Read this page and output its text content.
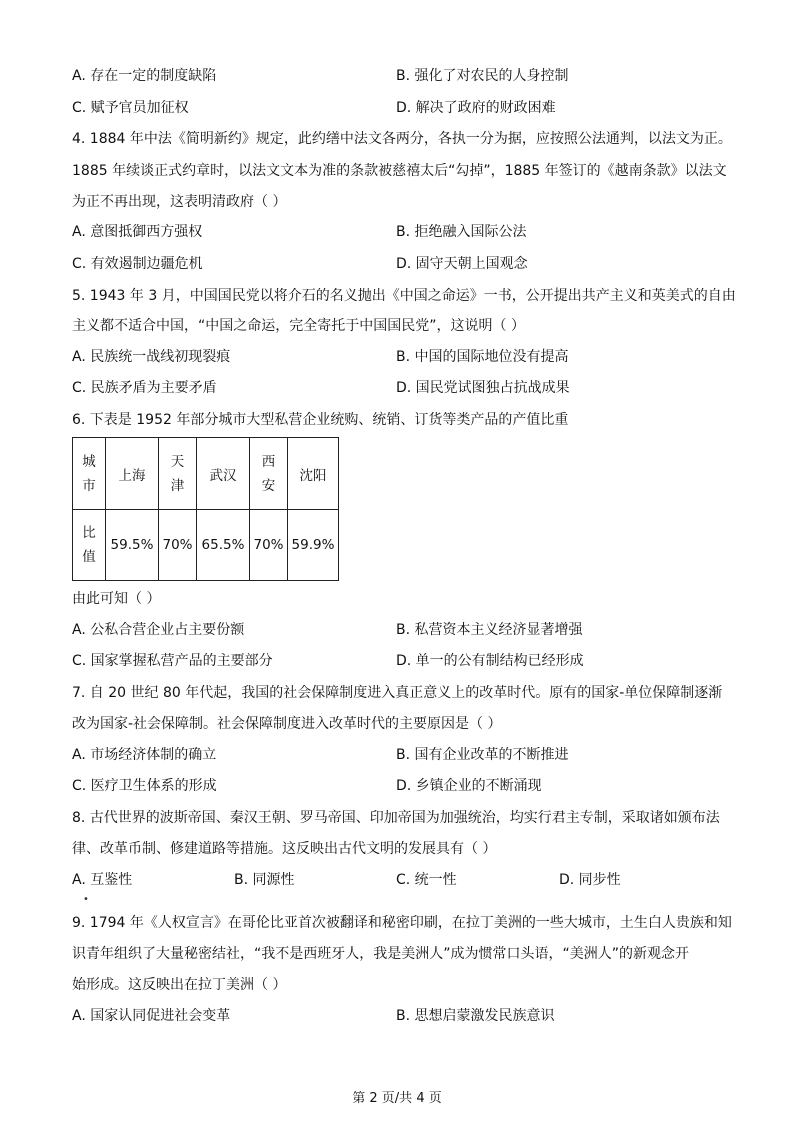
A. 存在一定的制度缺陷	B. 强化了对农民的人身控制
C. 赋予官员加征权	D. 解决了政府的财政困难
4. 1884 年中法《简明新约》规定，此约缮中法文各两分，各执一分为据，应按照公法通判，以法文为正。
1885 年续谈正式约章时，以法文文本为准的条款被慈禧太后“勾掉”，1885 年签订的《越南条款》以法文
为正不再出现，这表明清政府（ ）
A. 意图抵御西方强权	B. 拒绝融入国际公法
C. 有效遏制边疆危机	D. 固守天朝上国观念
5. 1943 年 3 月，中国国民党以将介石的名义抛出《中国之命运》一书，公开提出共产主义和英美式的自由
主义都不适合中国，“中国之命运，完全寄托于中国国民党”，这说明（ ）
A. 民族统一战线初现裂痕	B. 中国的国际地位没有提高
C. 民族矛盾为主要矛盾	D. 国民党试图独占抗战成果
6. 下表是 1952 年部分城市大型私营企业统购、统销、订货等类产品的产值比重
城市	上海	天津	武汉	西安	沈阳
比值	59.5%	70%	65.5%	70%	59.9%
由此可知（ ）
A. 公私合营企业占主要份额	B. 私营资本主义经济显著增强
C. 国家掌握私营产品的主要部分	D. 单一的公有制结构已经形成
7. 自 20 世纪 80 年代起，我国的社会保障制度进入真正意义上的改革时代。原有的国家-单位保障制逐渐
改为国家-社会保障制。社会保障制度进入改革时代的主要原因是（ ）
A. 市场经济体制的确立	B. 国有企业改革的不断推进
C. 医疗卫生体系的形成	D. 乡镇企业的不断涌现
8. 古代世界的波斯帝国、秦汉王朝、罗马帝国、印加帝国为加强统治，均实行君主专制，采取诸如颁布法
律、改革币制、修建道路等措施。这反映出古代文明的发展具有（ ）
A. 互鉴性	B. 同源性	C. 统一性	D. 同步性
•
9. 1794 年《人权宣言》在哥伦比亚首次被翻译和秘密印刷，在拉丁美洲的一些大城市，土生白人贵族和知
识青年组织了大量秘密结社，“我不是西班牙人，我是美洲人”成为惯常口头语，“美洲人”的新观念开
始形成。这反映出在拉丁美洲（ ）
A. 国家认同促进社会变革	B. 思想启蒙激发民族意识
第 2 页/共 4 页
